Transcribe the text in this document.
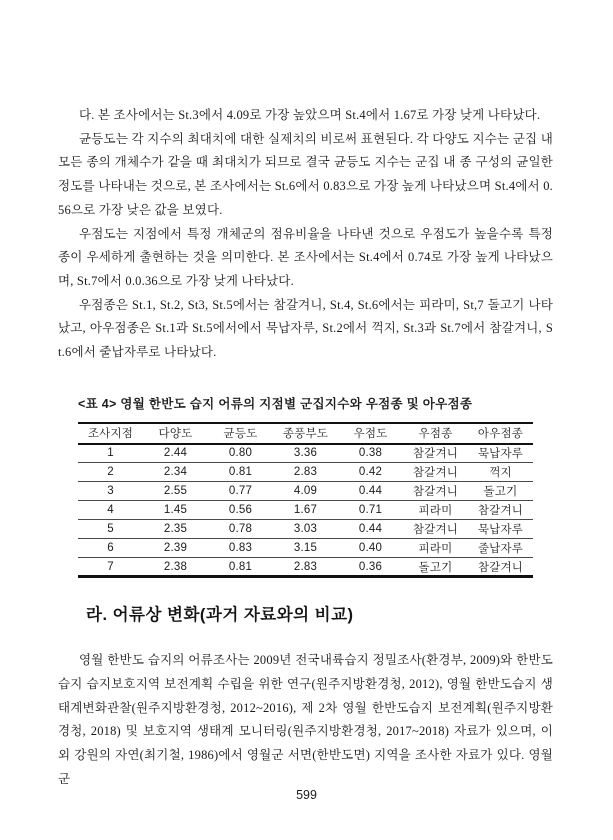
다. 본 조사에서는 St.3에서 4.09로 가장 높았으며 St.4에서 1.67로 가장 낮게 나타났다.

균등도는 각 지수의 최대치에 대한 실제치의 비로써 표현된다. 각 다양도 지수는 군집 내 모든 종의 개체수가 같을 때 최대치가 되므로 결국 균등도 지수는 군집 내 종 구성의 균일한 정도를 나타내는 것으로, 본 조사에서는 St.6에서 0.83으로 가장 높게 나타났으며 St.4에서 0.56으로 가장 낮은 값을 보였다.

우점도는 지점에서 특정 개체군의 점유비율을 나타낸 것으로 우점도가 높을수록 특정 종이 우세하게 출현하는 것을 의미한다. 본 조사에서는 St.4에서 0.74로 가장 높게 나타났으며, St.7에서 0.0.36으로 가장 낮게 나타났다.

우점종은 St.1, St.2, St3, St.5에서는 참갈겨니, St.4, St.6에서는 피라미, St,7 돌고기 나타났고, 아우점종은 St.1과 St.5에서에서 묵납자루, St.2에서 꺽지, St.3과 St.7에서 참갈겨니, St.6에서 줄납자루로 나타났다.

<표 4> 영월 한반도 습지 어류의 지점별 군집지수와 우점종 및 아우점종
조사지점	다양도	균등도	종풍부도	우점도	우점종	아우점종
1	2.44	0.80	3.36	0.38	참갈겨니	묵납자루
2	2.34	0.81	2.83	0.42	참갈겨니	꺽지
3	2.55	0.77	4.09	0.44	참갈겨니	돌고기
4	1.45	0.56	1.67	0.71	피라미	참갈겨니
5	2.35	0.78	3.03	0.44	참갈겨니	묵납자루
6	2.39	0.83	3.15	0.40	피라미	줄납자루
7	2.38	0.81	2.83	0.36	돌고기	참갈겨니
라. 어류상 변화(과거 자료와의 비교)

영월 한반도 습지의 어류조사는 2009년 전국내륙습지 정밀조사(환경부, 2009)와 한반도 습지 습지보호지역 보전계획 수립을 위한 연구(원주지방환경청, 2012), 영월 한반도습지 생태계변화관찰(원주지방환경청, 2012~2016), 제 2차 영월 한반도습지 보전계획(원주지방환경청, 2018) 및 보호지역 생태계 모니터링(원주지방환경청, 2017~2018) 자료가 있으며, 이 외 강원의 자연(최기철, 1986)에서 영월군 서면(한반도면) 지역을 조사한 자료가 있다. 영월군

599
